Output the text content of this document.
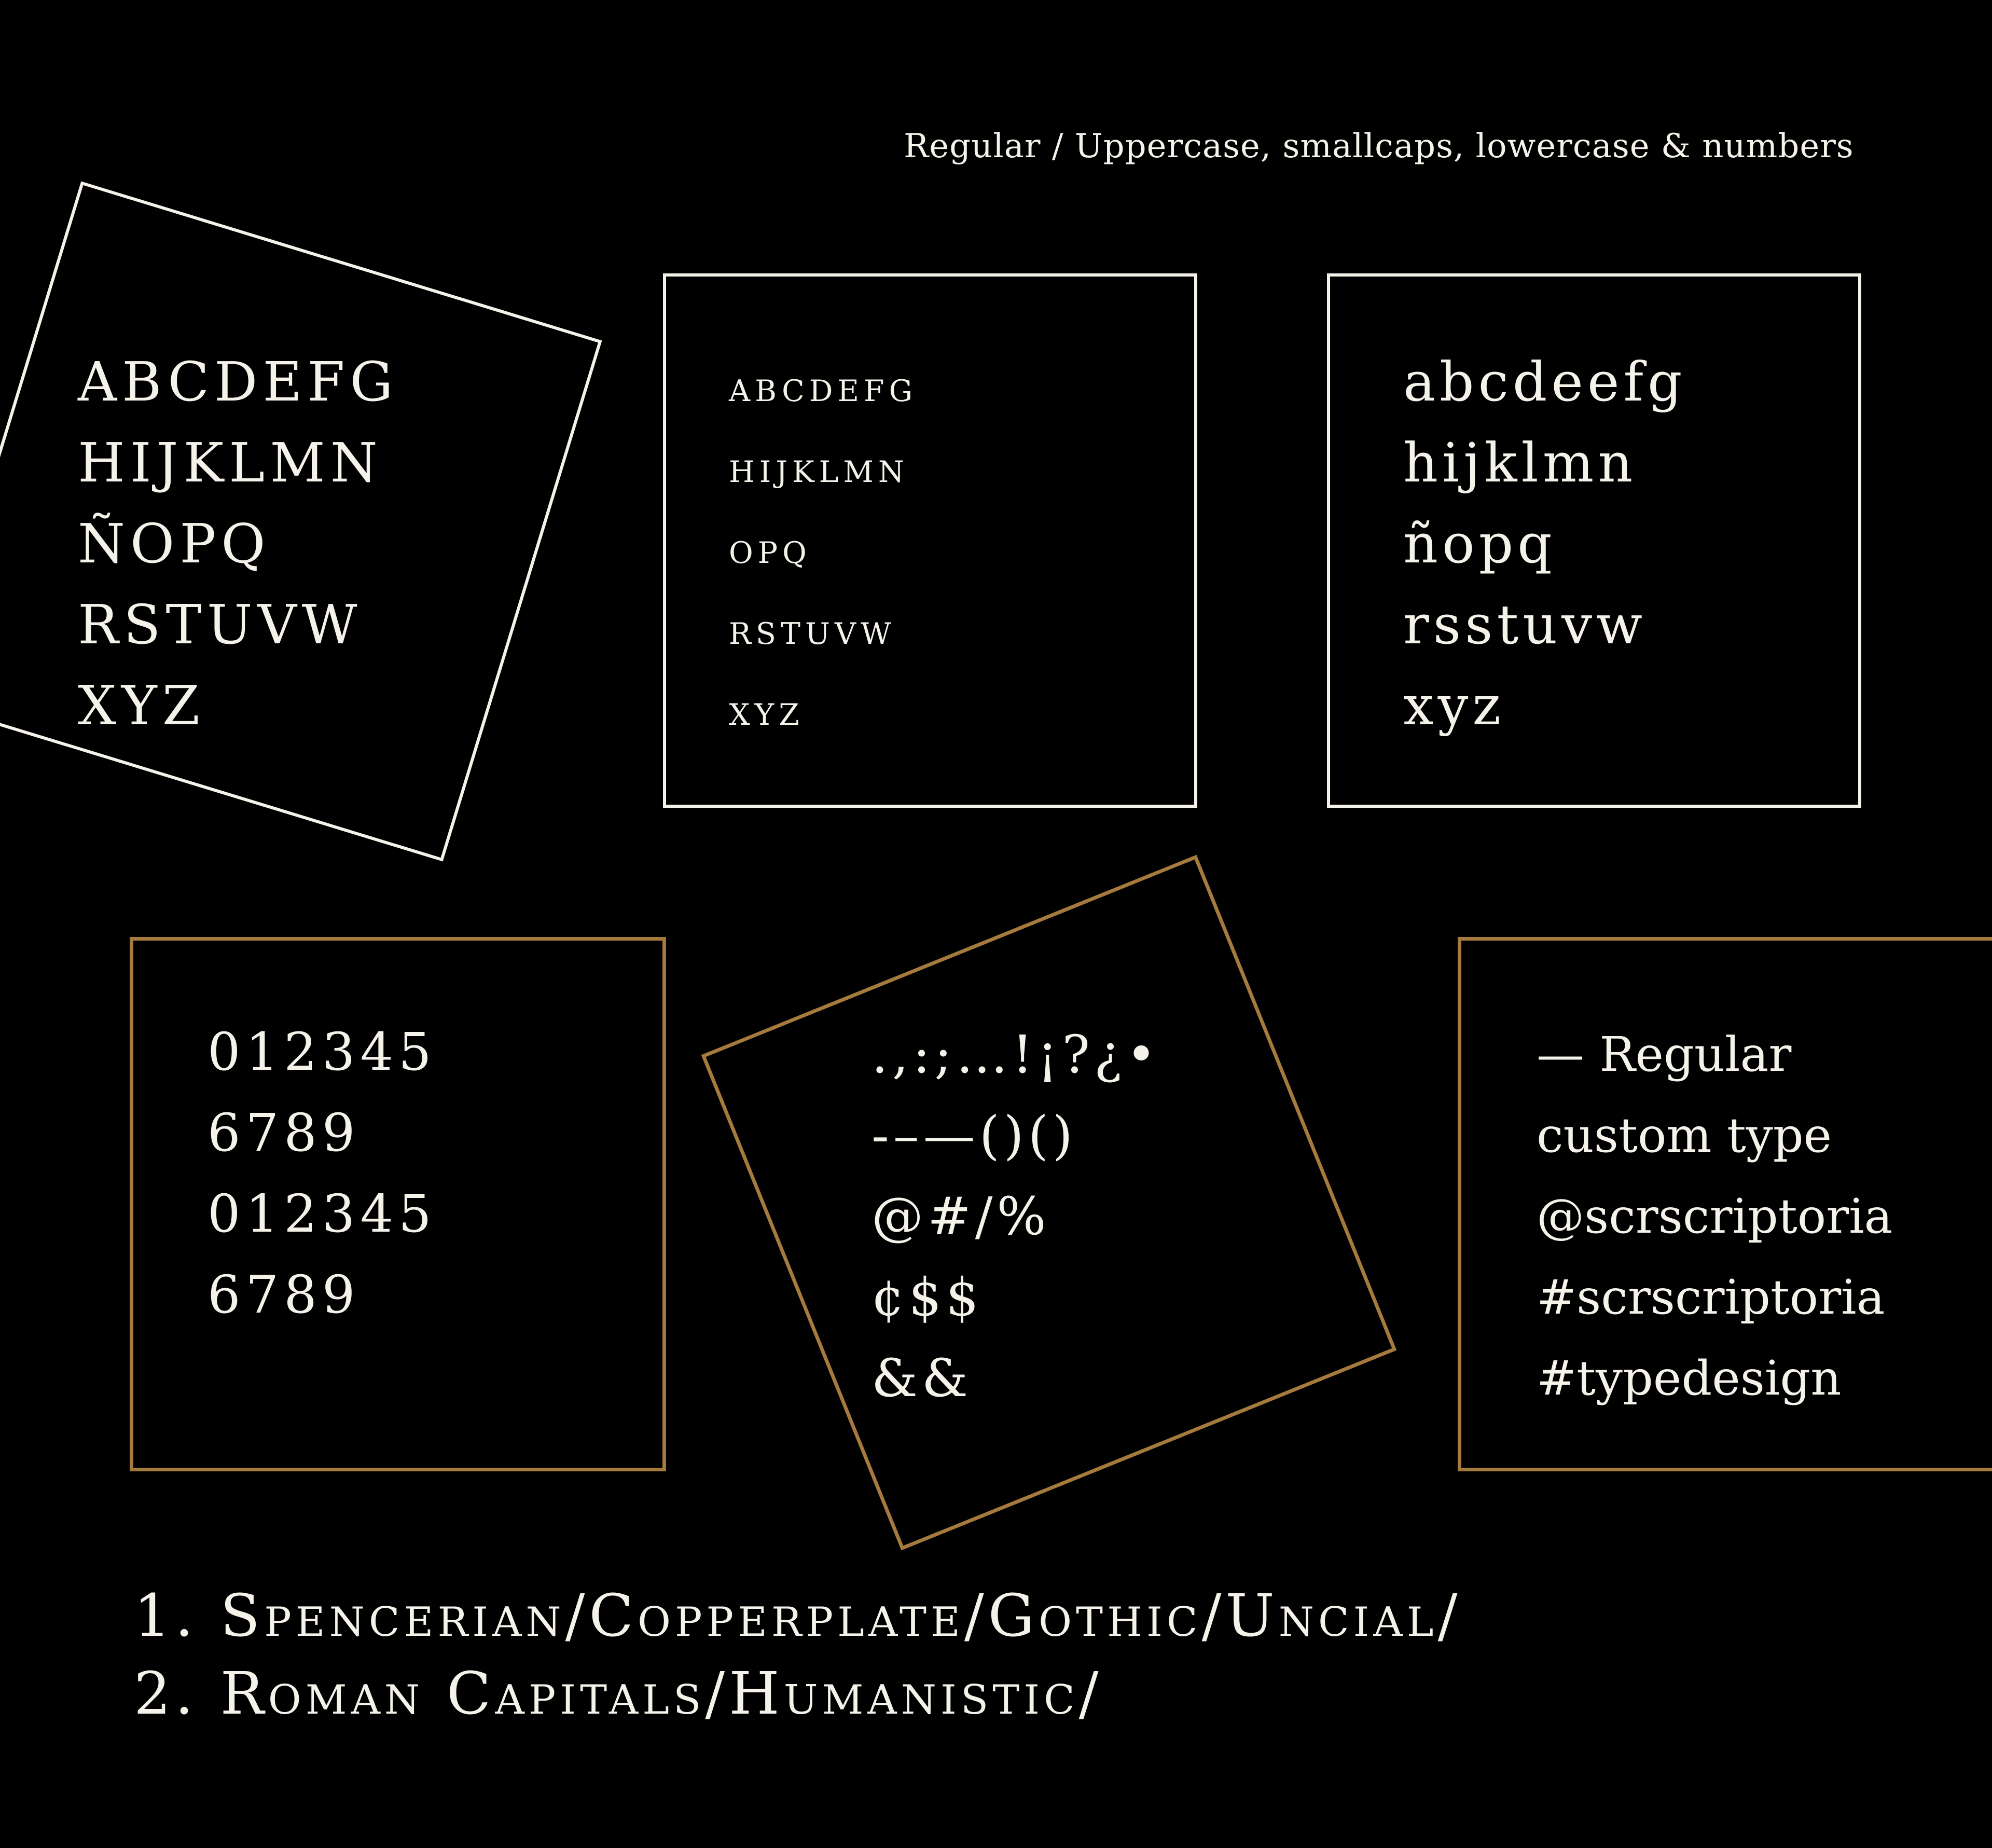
Regular / Uppercase, smallcaps, lowercase & numbers
ABCDEFG
HIJKLMN
ÑOPQ
RSTUVW
XYZ
abcdefg
hijklmn
opq
rstuvw
xyz
abcdeefg
hijklmn
ñopq
rsstuvw
xyz
012345
6789
012345
6789
.,:;…!¡?¿•
-–—()()
@#/%
¢$$
&&
— Regular
custom type
@scrscriptoria
#scrscriptoria
#typedesign
1. Spencerian/Copperplate/Gothic/Uncial/
2. Roman Capitals/Humanistic/
